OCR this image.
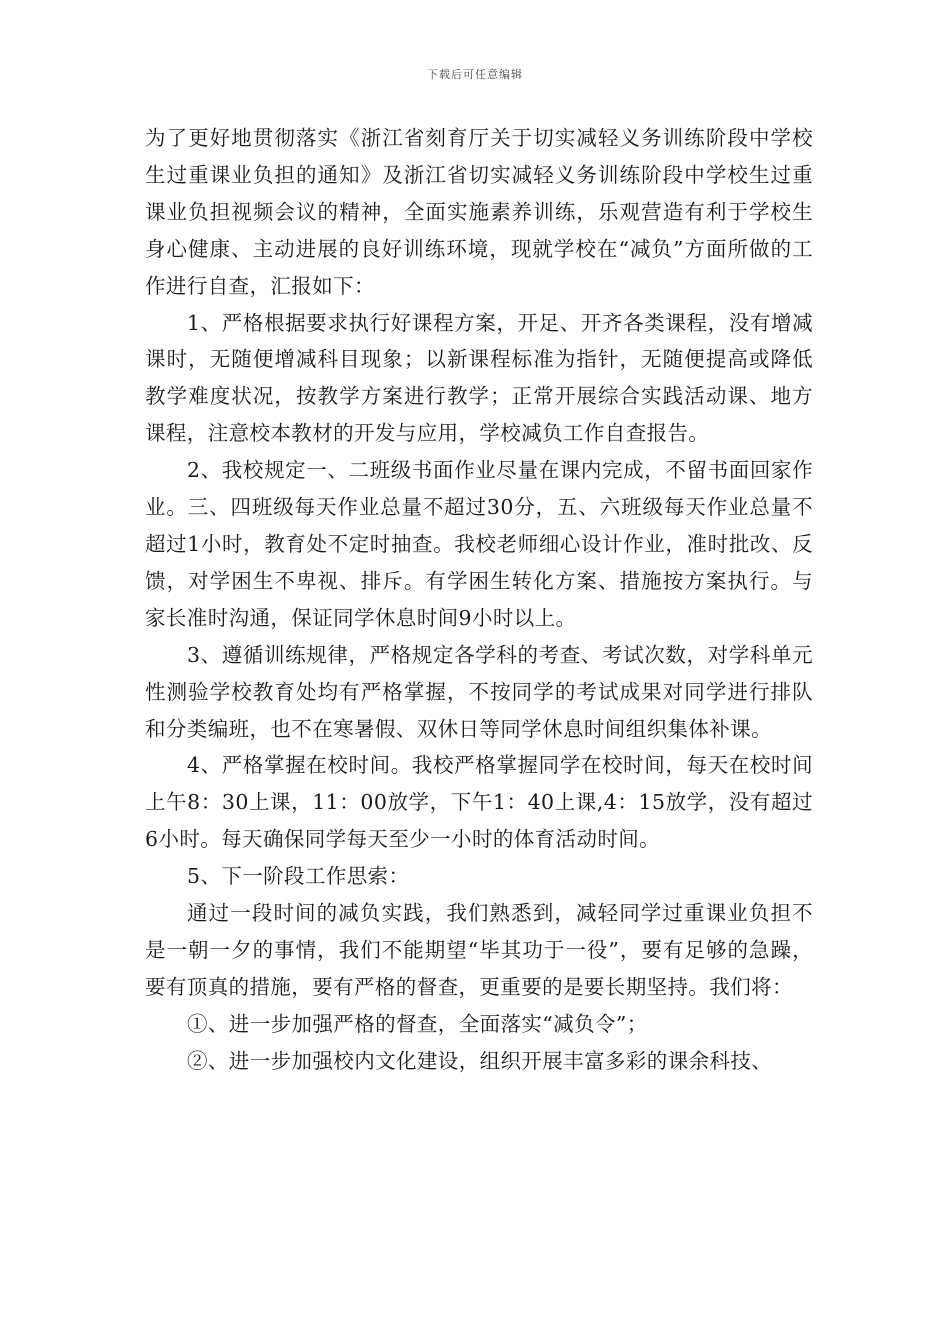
下载后可任意编辑

为了更好地贯彻落实《浙江省刻育厅关于切实减轻义务训练阶段中学校生过重课业负担的通知》及浙江省切实减轻义务训练阶段中学校生过重课业负担视频会议的精神，全面实施素养训练，乐观营造有利于学校生身心健康、主动进展的良好训练环境，现就学校在“减负”方面所做的工作进行自查，汇报如下：

1、严格根据要求执行好课程方案，开足、开齐各类课程，没有增减课时，无随便增减科目现象；以新课程标准为指针，无随便提高或降低教学难度状况，按教学方案进行教学；正常开展综合实践活动课、地方课程，注意校本教材的开发与应用，学校减负工作自查报告。

2、我校规定一、二班级书面作业尽量在课内完成，不留书面回家作业。三、四班级每天作业总量不超过30分，五、六班级每天作业总量不超过1小时，教育处不定时抽查。我校老师细心设计作业，准时批改、反馈，对学困生不卑视、排斥。有学困生转化方案、措施按方案执行。与家长准时沟通，保证同学休息时间9小时以上。

3、遵循训练规律，严格规定各学科的考查、考试次数，对学科单元性测验学校教育处均有严格掌握，不按同学的考试成果对同学进行排队和分类编班，也不在寒暑假、双休日等同学休息时间组织集体补课。

4、严格掌握在校时间。我校严格掌握同学在校时间，每天在校时间上午8：30上课，11：00放学，下午1：40上课,4：15放学，没有超过6小时。每天确保同学每天至少一小时的体育活动时间。

5、下一阶段工作思索：

通过一段时间的减负实践，我们熟悉到，减轻同学过重课业负担不是一朝一夕的事情，我们不能期望“毕其功于一役”，要有足够的急躁，要有顶真的措施，要有严格的督查，更重要的是要长期坚持。我们将：

①、进一步加强严格的督查，全面落实“减负令”；

②、进一步加强校内文化建设，组织开展丰富多彩的课余科技、
